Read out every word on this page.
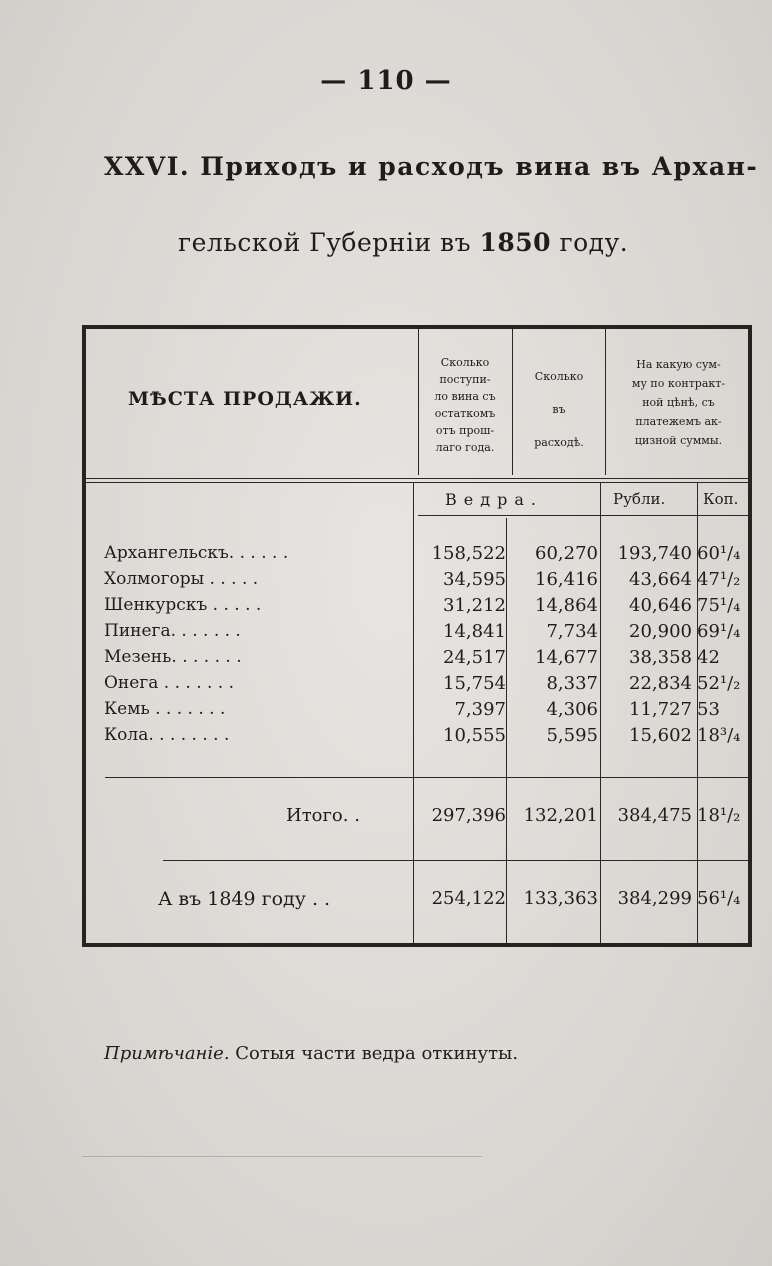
— 110 —
XXVI. Приходъ и расходъ вина въ Архан-
гельской Губерніи въ 1850 году.
МѢСТА ПРОДАЖИ.
Сколько
поступи-
ло вина съ
остаткомъ
отъ прош-
лаго года.
Сколько
въ
расходѣ.
На какую сум-
му по контракт-
ной цѣнѣ, съ
платежемъ ак-
цизной суммы.
Ведра.	Рубли.	Коп.
Архангельскъ. . . . . .	158,522	60,270	193,740 60¹/₄
Холмогоры . . . . .	34,595	16,416	43,664 47¹/₂
Шенкурскъ . . . . .	31,212	14,864	40,646 75¹/₄
Пинега. . . . . . .	14,841	7,734	20,900 69¹/₄
Мезень. . . . . . .	24,517	14,677	38,358 42
Онега . . . . . . .	15,754	8,337	22,834 52¹/₂
Кемь . . . . . . .	7,397	4,306	11,727 53
Кола. . . . . . . .	10,555	5,595	15,602 18³/₄
Итого. .	297,396 132,201	384,475 18¹/₂
А въ 1849 году . .	254,122 133,363	384,299 56¹/₄
Примѣчаніе. Сотыя части ведра откинуты.
